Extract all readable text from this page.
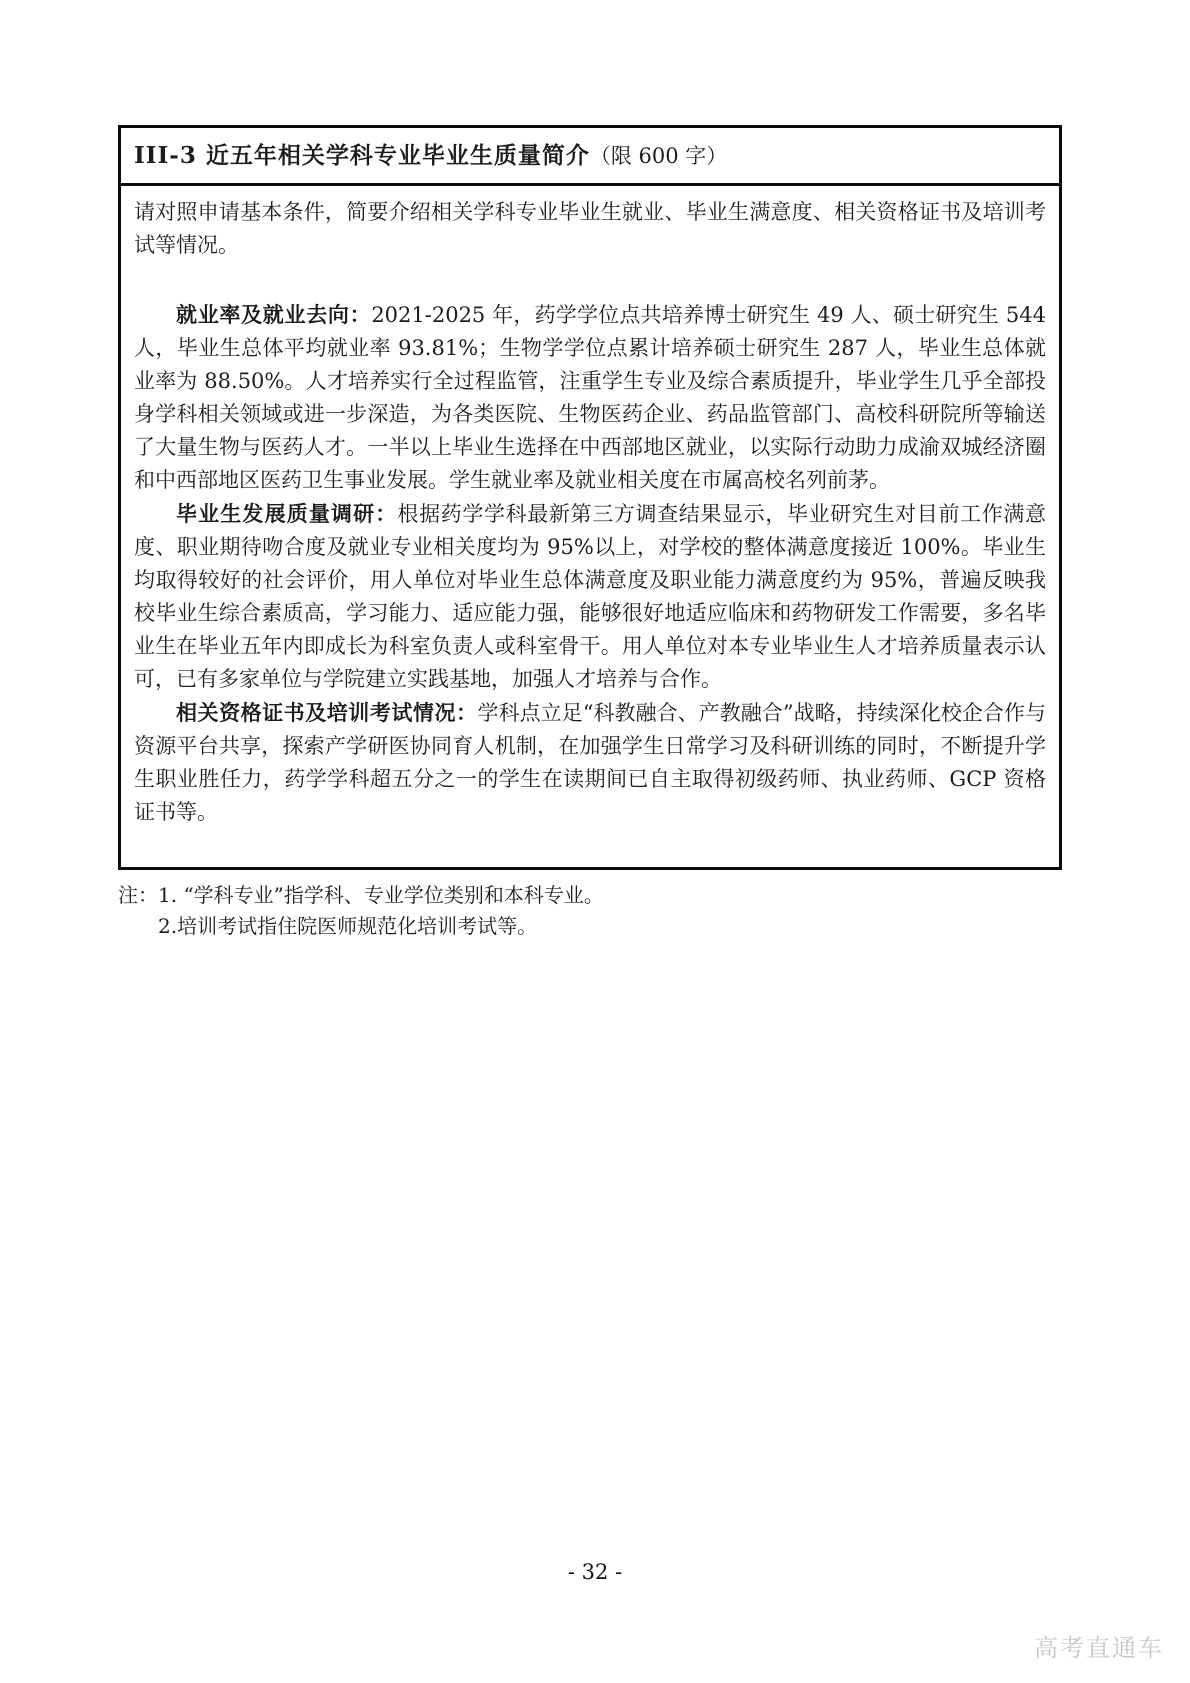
III-3 近五年相关学科专业毕业生质量简介（限 600 字）

请对照申请基本条件，简要介绍相关学科专业毕业生就业、毕业生满意度、相关资格证书及培训考试等情况。

就业率及就业去向：2021-2025 年，药学学位点共培养博士研究生 49 人、硕士研究生 544 人，毕业生总体平均就业率 93.81%；生物学学位点累计培养硕士研究生 287 人，毕业生总体就业率为 88.50%。人才培养实行全过程监管，注重学生专业及综合素质提升，毕业学生几乎全部投身学科相关领域或进一步深造，为各类医院、生物医药企业、药品监管部门、高校科研院所等输送了大量生物与医药人才。一半以上毕业生选择在中西部地区就业，以实际行动助力成渝双城经济圈和中西部地区医药卫生事业发展。学生就业率及就业相关度在市属高校名列前茅。

毕业生发展质量调研：根据药学学科最新第三方调查结果显示，毕业研究生对目前工作满意度、职业期待吻合度及就业专业相关度均为 95%以上，对学校的整体满意度接近 100%。毕业生均取得较好的社会评价，用人单位对毕业生总体满意度及职业能力满意度约为 95%，普遍反映我校毕业生综合素质高，学习能力、适应能力强，能够很好地适应临床和药物研发工作需要，多名毕业生在毕业五年内即成长为科室负责人或科室骨干。用人单位对本专业毕业生人才培养质量表示认可，已有多家单位与学院建立实践基地，加强人才培养与合作。

相关资格证书及培训考试情况：学科点立足“科教融合、产教融合”战略，持续深化校企合作与资源平台共享，探索产学研医协同育人机制，在加强学生日常学习及科研训练的同时，不断提升学生职业胜任力，药学学科超五分之一的学生在读期间已自主取得初级药师、执业药师、GCP 资格证书等。

注： 1. “学科专业”指学科、专业学位类别和本科专业。
2.培训考试指住院医师规范化培训考试等。
- 32 -
高考直通车
